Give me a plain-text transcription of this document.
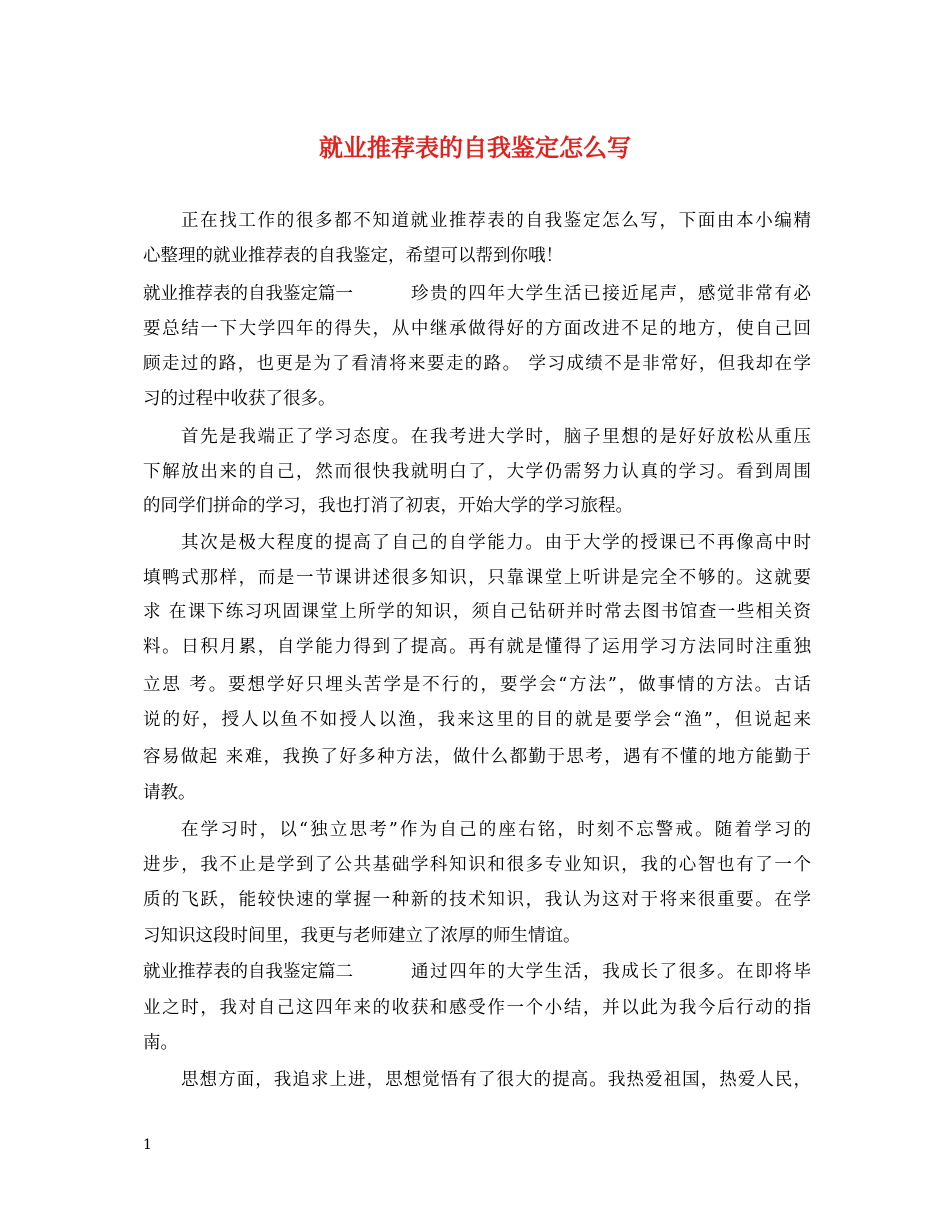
就业推荐表的自我鉴定怎么写
正在找工作的很多都不知道就业推荐表的自我鉴定怎么写，下面由本小编精
心整理的就业推荐表的自我鉴定，希望可以帮到你哦！
就业推荐表的自我鉴定篇一	珍贵的四年大学生活已接近尾声，感觉非常有必
要总结一下大学四年的得失，从中继承做得好的方面改进不足的地方，使自己回
顾走过的路，也更是为了看清将来要走的路。 学习成绩不是非常好，但我却在学
习的过程中收获了很多。
首先是我端正了学习态度。在我考进大学时，脑子里想的是好好放松从重压
下解放出来的自己，然而很快我就明白了，大学仍需努力认真的学习。看到周围
的同学们拼命的学习，我也打消了初衷，开始大学的学习旅程。
其次是极大程度的提高了自己的自学能力。由于大学的授课已不再像高中时
填鸭式那样，而是一节课讲述很多知识，只靠课堂上听讲是完全不够的。这就要
求 在课下练习巩固课堂上所学的知识，须自己钻研并时常去图书馆查一些相关资
料。日积月累，自学能力得到了提高。再有就是懂得了运用学习方法同时注重独
立思 考。要想学好只埋头苦学是不行的，要学会“方法”，做事情的方法。古话
说的好，授人以鱼不如授人以渔，我来这里的目的就是要学会“渔”，但说起来
容易做起 来难，我换了好多种方法，做什么都勤于思考，遇有不懂的地方能勤于
请教。
在学习时，以“独立思考”作为自己的座右铭，时刻不忘警戒。随着学习的
进步，我不止是学到了公共基础学科知识和很多专业知识，我的心智也有了一个
质的飞跃，能较快速的掌握一种新的技术知识，我认为这对于将来很重要。在学
习知识这段时间里，我更与老师建立了浓厚的师生情谊。
就业推荐表的自我鉴定篇二	通过四年的大学生活，我成长了很多。在即将毕
业之时，我对自己这四年来的收获和感受作一个小结，并以此为我今后行动的指
南。
思想方面，我追求上进，思想觉悟有了很大的提高。我热爱祖国，热爱人民，
1
